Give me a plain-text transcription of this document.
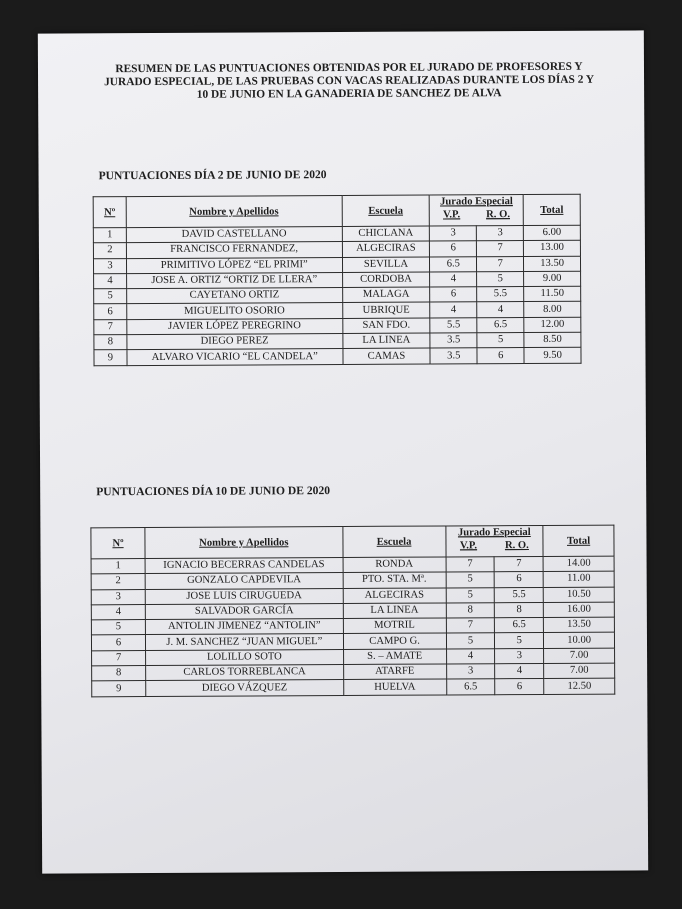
RESUMEN DE LAS PUNTUACIONES OBTENIDAS POR EL JURADO DE PROFESORES Y
JURADO ESPECIAL, DE LAS PRUEBAS CON VACAS REALIZADAS DURANTE LOS DÍAS 2 Y
10 DE JUNIO EN LA GANADERIA DE SANCHEZ DE ALVA
PUNTUACIONES DÍA 2 DE JUNIO DE 2020
Nº	Nombre y Apellidos	Escuela	Jurado Especial
V.P. R. O.		Total
1	DAVID CASTELLANO	CHICLANA	3	3	6.00
2	FRANCISCO FERNANDEZ,	ALGECIRAS	6	7	13.00
3	PRIMITIVO LÓPEZ “EL PRIMI”	SEVILLA	6.5	7	13.50
4	JOSE A. ORTIZ “ORTIZ DE LLERA”	CORDOBA	4	5	9.00
5	CAYETANO ORTIZ	MALAGA	6	5.5	11.50
6	MIGUELITO OSORIO	UBRIQUE	4	4	8.00
7	JAVIER LÓPEZ PEREGRINO	SAN FDO.	5.5	6.5	12.00
8	DIEGO PEREZ	LA LINEA	3.5	5	8.50
9	ALVARO VICARIO “EL CANDELA”	CAMAS	3.5	6	9.50
PUNTUACIONES DÍA 10 DE JUNIO DE 2020
Nº	Nombre y Apellidos	Escuela	Jurado Especial
V.P. R. O.		Total
1	IGNACIO BECERRAS CANDELAS	RONDA	7	7	14.00
2	GONZALO CAPDEVILA	PTO. STA. Mª.	5	6	11.00
3	JOSE LUIS CIRUGUEDA	ALGECIRAS	5	5.5	10.50
4	SALVADOR GARCÍA	LA LINEA	8	8	16.00
5	ANTOLIN JIMENEZ “ANTOLIN”	MOTRIL	7	6.5	13.50
6	J. M. SANCHEZ “JUAN MIGUEL”	CAMPO G.	5	5	10.00
7	LOLILLO SOTO	S. – AMATE	4	3	7.00
8	CARLOS TORREBLANCA	ATARFE	3	4	7.00
9	DIEGO VÁZQUEZ	HUELVA	6.5	6	12.50
